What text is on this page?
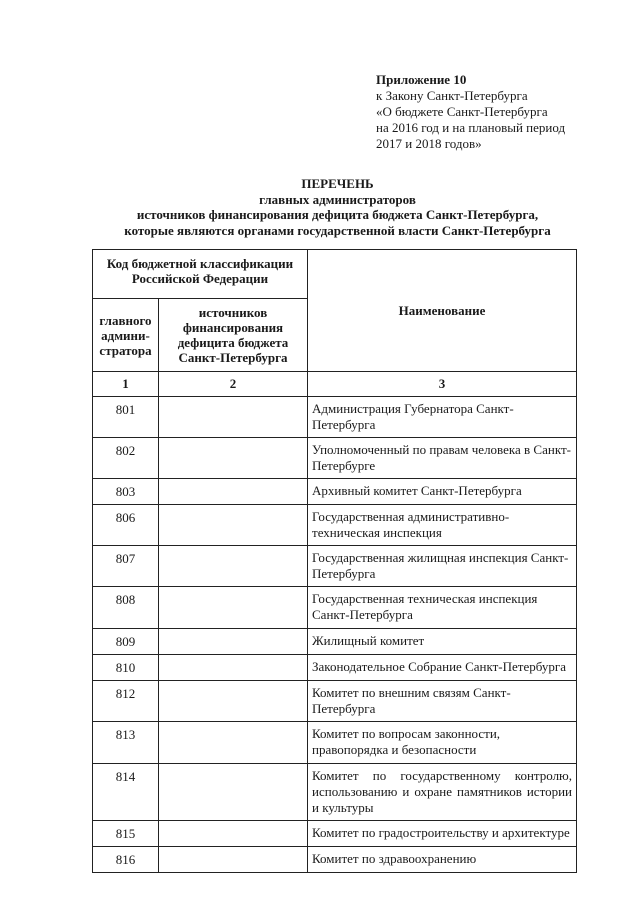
Приложение 10
к Закону Санкт-Петербурга
«О бюджете Санкт-Петербурга
на 2016 год и на плановый период
2017 и 2018 годов»
ПЕРЕЧЕНЬ
главных администраторов
источников финансирования дефицита бюджета Санкт-Петербурга,
которые являются органами государственной власти Санкт-Петербурга
Код бюджетной классификации Российской Федерации		Наименование
главного админи-стратора	источников финансирования дефицита бюджета Санкт-Петербурга	
1	2	3
801		Администрация Губернатора Санкт-Петербурга
802		Уполномоченный по правам человека в Санкт-Петербурге
803		Архивный комитет Санкт-Петербурга
806		Государственная административно-техническая инспекция
807		Государственная жилищная инспекция Санкт-Петербурга
808		Государственная техническая инспекция Санкт-Петербурга
809		Жилищный комитет
810		Законодательное Собрание Санкт-Петербурга
812		Комитет по внешним связям Санкт-Петербурга
813		Комитет по вопросам законности, правопорядка и безопасности
814		Комитет по государственному контролю, использованию и охране памятников истории и культуры
815		Комитет по градостроительству и архитектуре
816		Комитет по здравоохранению
